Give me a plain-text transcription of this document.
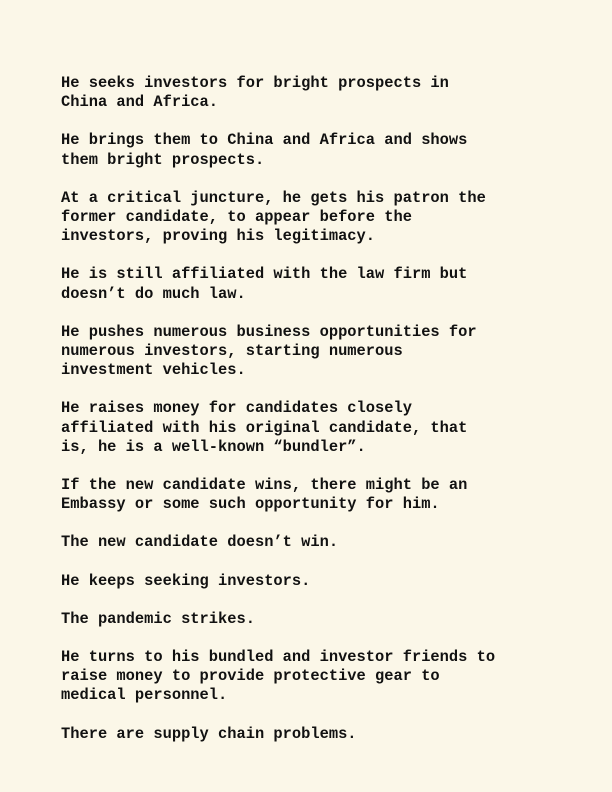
He seeks investors for bright prospects in
China and Africa.

He brings them to China and Africa and shows
them bright prospects.

At a critical juncture, he gets his patron the
former candidate, to appear before the
investors, proving his legitimacy.

He is still affiliated with the law firm but
doesn’t do much law.

He pushes numerous business opportunities for
numerous investors, starting numerous
investment vehicles.

He raises money for candidates closely
affiliated with his original candidate, that
is, he is a well-known “bundler”.

If the new candidate wins, there might be an
Embassy or some such opportunity for him.

The new candidate doesn’t win.

He keeps seeking investors.

The pandemic strikes.

He turns to his bundled and investor friends to
raise money to provide protective gear to
medical personnel.

There are supply chain problems.
